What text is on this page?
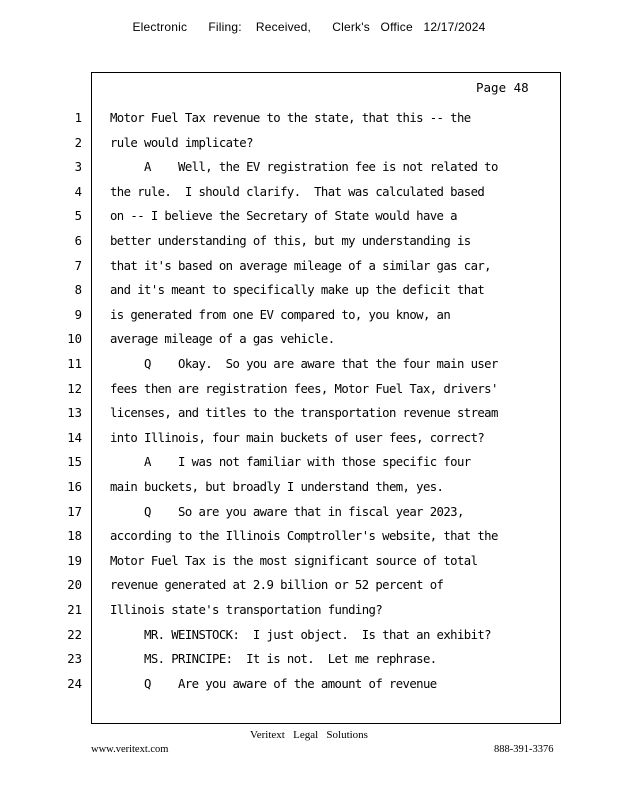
Electronic      Filing:    Received,      Clerk's   Office   12/17/2024
Page 48
1 Motor Fuel Tax revenue to the state, that this -- the
2 rule would implicate?
3 A    Well, the EV registration fee is not related to
4 the rule.  I should clarify.  That was calculated based
5 on -- I believe the Secretary of State would have a
6 better understanding of this, but my understanding is
7 that it's based on average mileage of a similar gas car,
8 and it's meant to specifically make up the deficit that
9 is generated from one EV compared to, you know, an
10 average mileage of a gas vehicle.
11 Q    Okay.  So you are aware that the four main user
12 fees then are registration fees, Motor Fuel Tax, drivers'
13 licenses, and titles to the transportation revenue stream
14 into Illinois, four main buckets of user fees, correct?
15 A    I was not familiar with those specific four
16 main buckets, but broadly I understand them, yes.
17 Q    So are you aware that in fiscal year 2023,
18 according to the Illinois Comptroller's website, that the
19 Motor Fuel Tax is the most significant source of total
20 revenue generated at 2.9 billion or 52 percent of
21 Illinois state's transportation funding?
22 MR. WEINSTOCK:  I just object.  Is that an exhibit?
23 MS. PRINCIPE:  It is not.  Let me rephrase.
24 Q    Are you aware of the amount of revenue
Veritext   Legal   Solutions
www.veritext.com	888-391-3376
